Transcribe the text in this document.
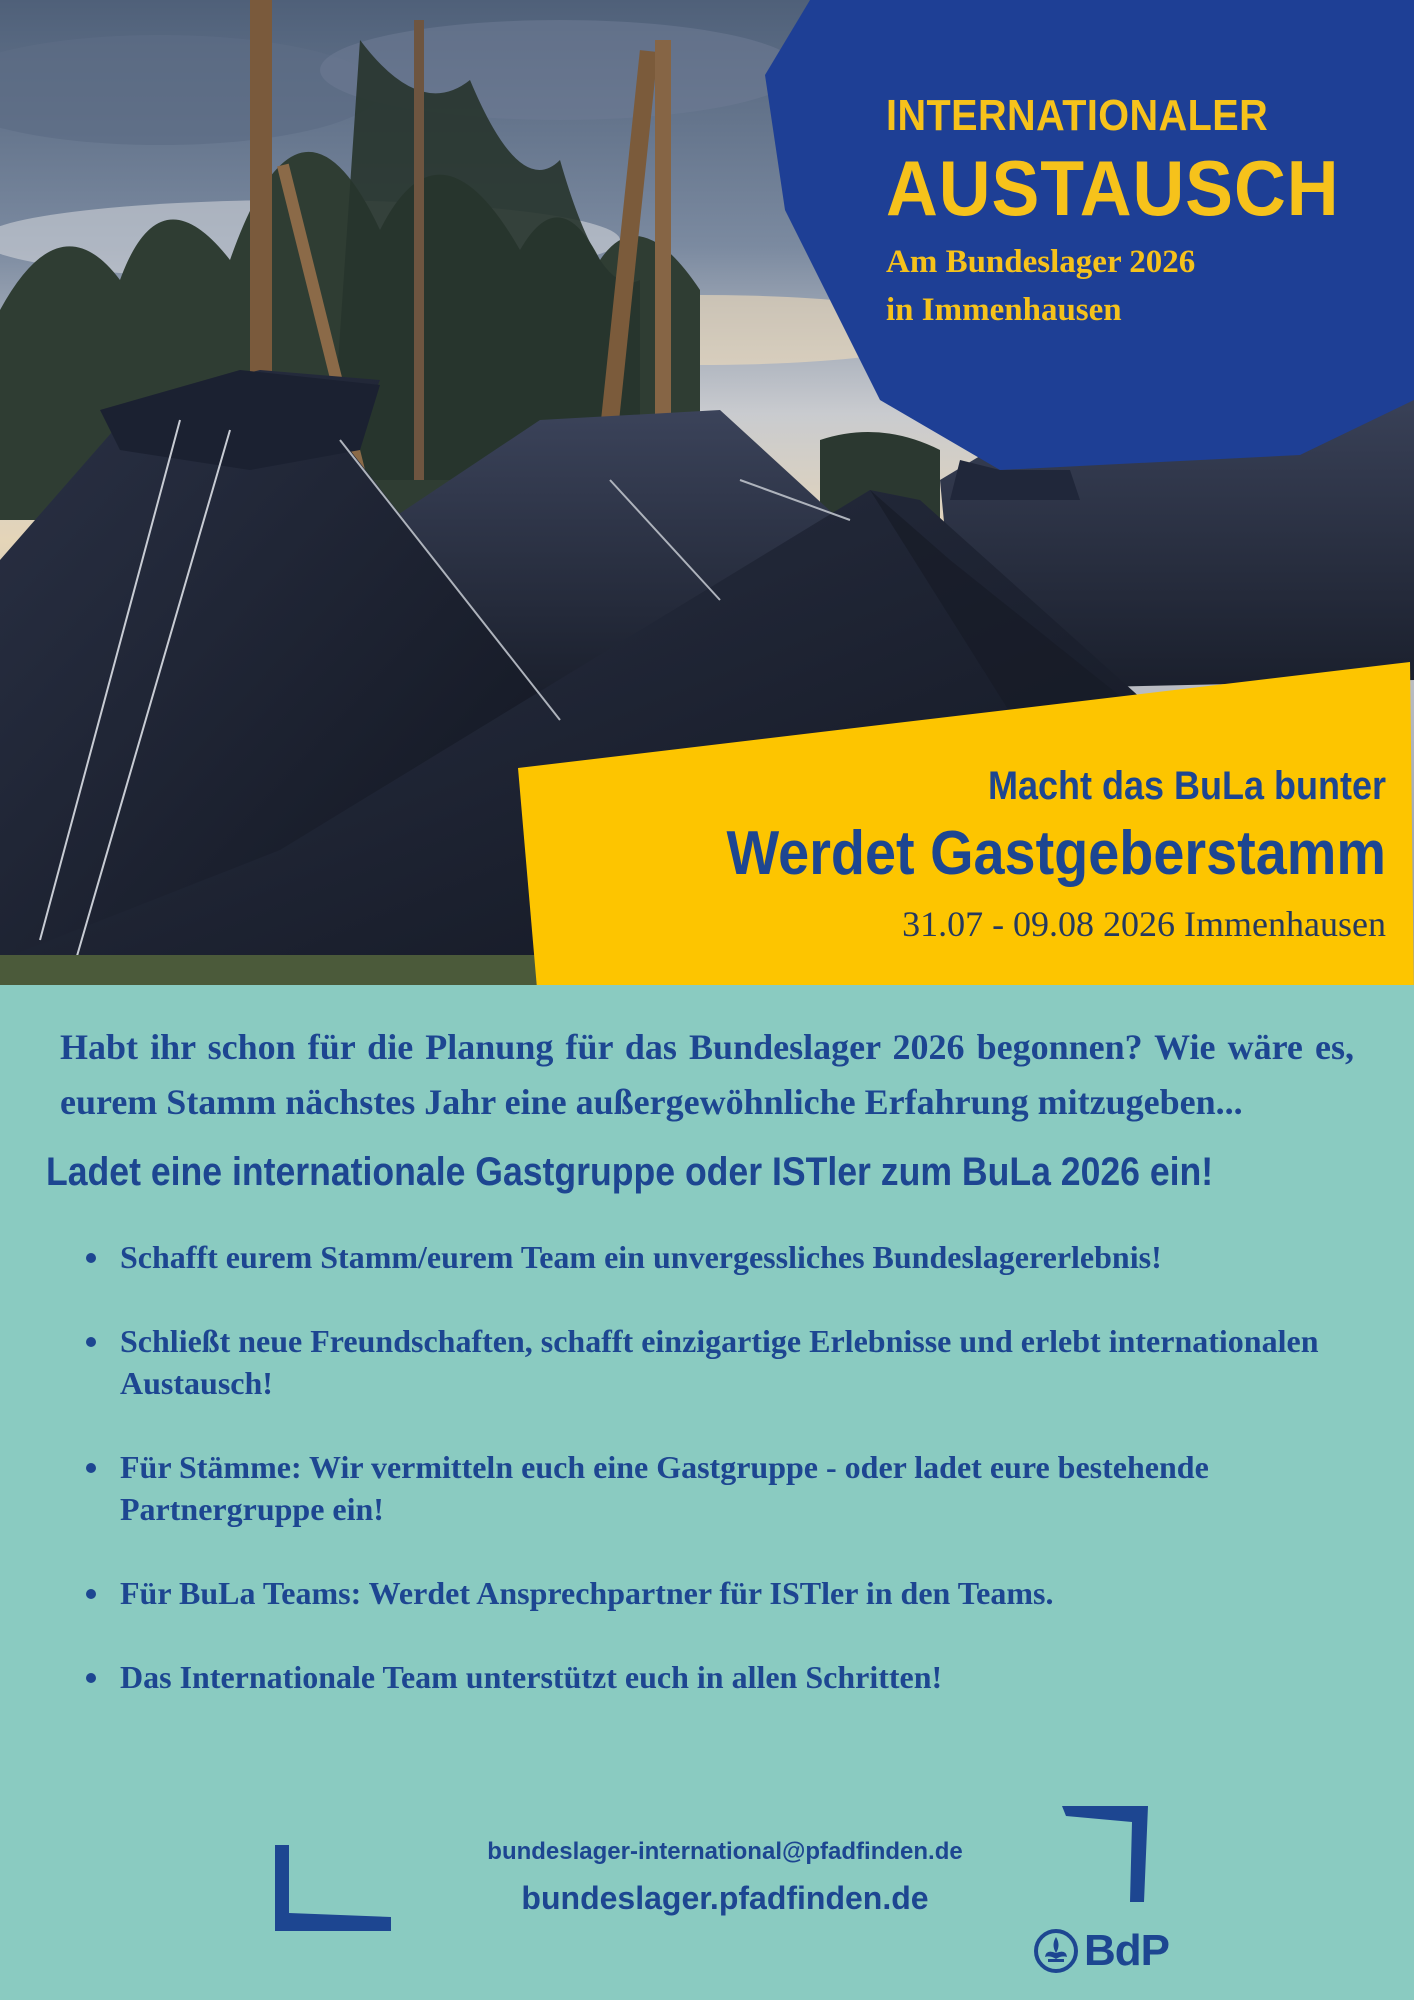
INTERNATIONALER
AUSTAUSCH
Am Bundeslager 2026
in Immenhausen
Macht das BuLa bunter
Werdet Gastgeberstamm
31.07 - 09.08 2026 Immenhausen

Habt ihr schon für die Planung für das Bundeslager 2026 begonnen? Wie wäre es, eurem Stamm nächstes Jahr eine außergewöhnliche Erfahrung mitzugeben...

Ladet eine internationale Gastgruppe oder ISTler zum BuLa 2026 ein!
Schafft eurem Stamm/eurem Team ein unvergessliches Bundeslagererlebnis!
Schließt neue Freundschaften, schafft einzigartige Erlebnisse und erlebt internationalen Austausch!
Für Stämme: Wir vermitteln euch eine Gastgruppe - oder ladet eure bestehende Partnergruppe ein!
Für BuLa Teams: Werdet Ansprechpartner für ISTler in den Teams.
Das Internationale Team unterstützt euch in allen Schritten!
bundeslager-international@pfadfinden.de
bundeslager.pfadfinden.de
BdP
